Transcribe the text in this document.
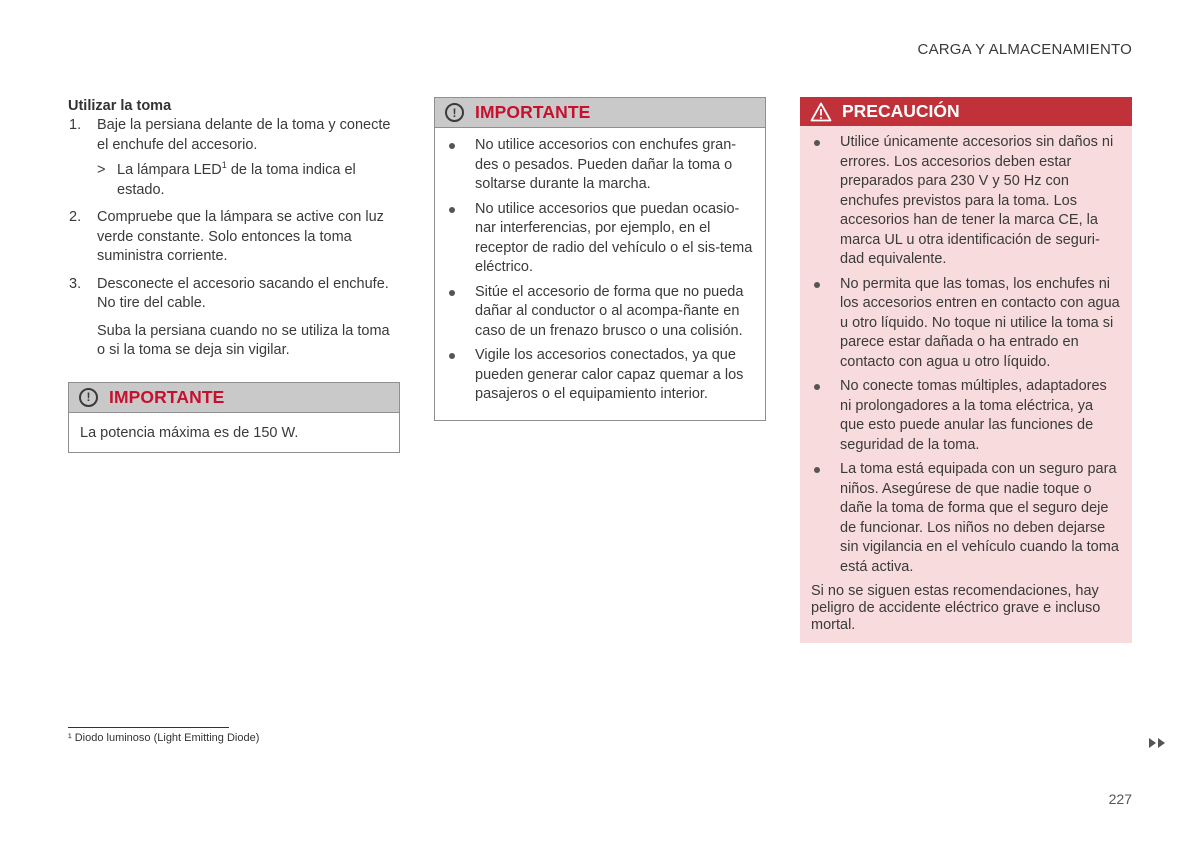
CARGA Y ALMACENAMIENTO
Utilizar la toma
1. Baje la persiana delante de la toma y conecte el enchufe del accesorio.
> La lámpara LED$^1$ de la toma indica el estado.
2. Compruebe que la lámpara se active con luz verde constante. Solo entonces la toma suministra corriente.
3. Desconecte el accesorio sacando el enchufe. No tire del cable.
Suba la persiana cuando no se utiliza la toma o si la toma se deja sin vigilar.
!	IMPORTANTE
La potencia máxima es de 150 W.
!	IMPORTANTE
No utilice accesorios con enchufes gran-des o pesados. Pueden dañar la toma o soltarse durante la marcha.
No utilice accesorios que puedan ocasio-nar interferencias, por ejemplo, en el receptor de radio del vehículo o el sis-tema eléctrico.
Sitúe el accesorio de forma que no pueda dañar al conductor o al acompa-ñante en caso de un frenazo brusco o una colisión.
Vigile los accesorios conectados, ya que pueden generar calor capaz quemar a los pasajeros o el equipamiento interior.
PRECAUCIÓN
Utilice únicamente accesorios sin daños ni errores. Los accesorios deben estar preparados para 230 V y 50 Hz con enchufes previstos para la toma. Los accesorios han de tener la marca CE, la marca UL u otra identificación de seguri-dad equivalente.
No permita que las tomas, los enchufes ni los accesorios entren en contacto con agua u otro líquido. No toque ni utilice la toma si parece estar dañada o ha entrado en contacto con agua u otro líquido.
No conecte tomas múltiples, adaptadores ni prolongadores a la toma eléctrica, ya que esto puede anular las funciones de seguridad de la toma.
La toma está equipada con un seguro para niños. Asegúrese de que nadie toque o dañe la toma de forma que el seguro deje de funcionar. Los niños no deben dejarse sin vigilancia en el vehículo cuando la toma está activa.
Si no se siguen estas recomendaciones, hay peligro de accidente eléctrico grave e incluso mortal.
¹ Diodo luminoso (Light Emitting Diode)
227
